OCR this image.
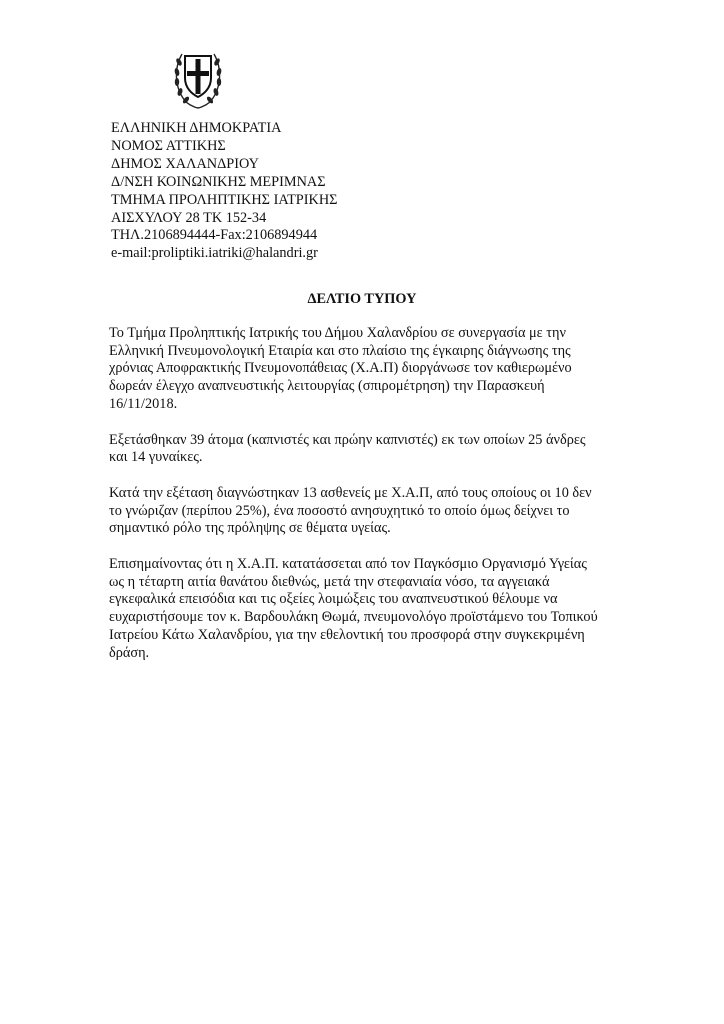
ΕΛΛΗΝΙΚΗ ΔΗΜΟΚΡΑΤΙΑ
ΝΟΜΟΣ ΑΤΤΙΚΗΣ
ΔΗΜΟΣ ΧΑΛΑΝΔΡΙΟΥ
Δ/ΝΣΗ ΚΟΙΝΩΝΙΚΗΣ ΜΕΡΙΜΝΑΣ
ΤΜΗΜΑ ΠΡΟΛΗΠΤΙΚΗΣ ΙΑΤΡΙΚΗΣ
ΑΙΣΧΥΛΟΥ 28 ΤΚ 152-34
ΤΗΛ.2106894444-Fax:2106894944
e-mail:proliptiki.iatriki@halandri.gr
ΔΕΛΤΙΟ ΤΥΠΟΥ
Το Τμήμα Προληπτικής Ιατρικής του Δήμου Χαλανδρίου σε συνεργασία με την
Ελληνική Πνευμονολογική Εταιρία και στο πλαίσιο της έγκαιρης διάγνωσης της
χρόνιας Αποφρακτικής Πνευμονοπάθειας (Χ.Α.Π) διοργάνωσε τον καθιερωμένο
δωρεάν έλεγχο αναπνευστικής λειτουργίας (σπιρομέτρηση) την Παρασκευή
16/11/2018.
Εξετάσθηκαν 39 άτομα (καπνιστές και πρώην καπνιστές) εκ των οποίων 25 άνδρες
και 14 γυναίκες.
Κατά την εξέταση διαγνώστηκαν 13 ασθενείς με Χ.Α.Π, από τους οποίους οι 10 δεν
το γνώριζαν (περίπου 25%), ένα ποσοστό ανησυχητικό το οποίο όμως δείχνει το
σημαντικό ρόλο της πρόληψης σε θέματα υγείας.
Επισημαίνοντας ότι η Χ.Α.Π. κατατάσσεται από τον Παγκόσμιο Οργανισμό Υγείας
ως η τέταρτη αιτία θανάτου διεθνώς, μετά την στεφανιαία νόσο, τα αγγειακά
εγκεφαλικά επεισόδια και τις οξείες λοιμώξεις του αναπνευστικού θέλουμε να
ευχαριστήσουμε τον κ. Βαρδουλάκη Θωμά, πνευμονολόγο προϊστάμενο του Τοπικού
Ιατρείου Κάτω Χαλανδρίου, για την εθελοντική του προσφορά στην συγκεκριμένη
δράση.
